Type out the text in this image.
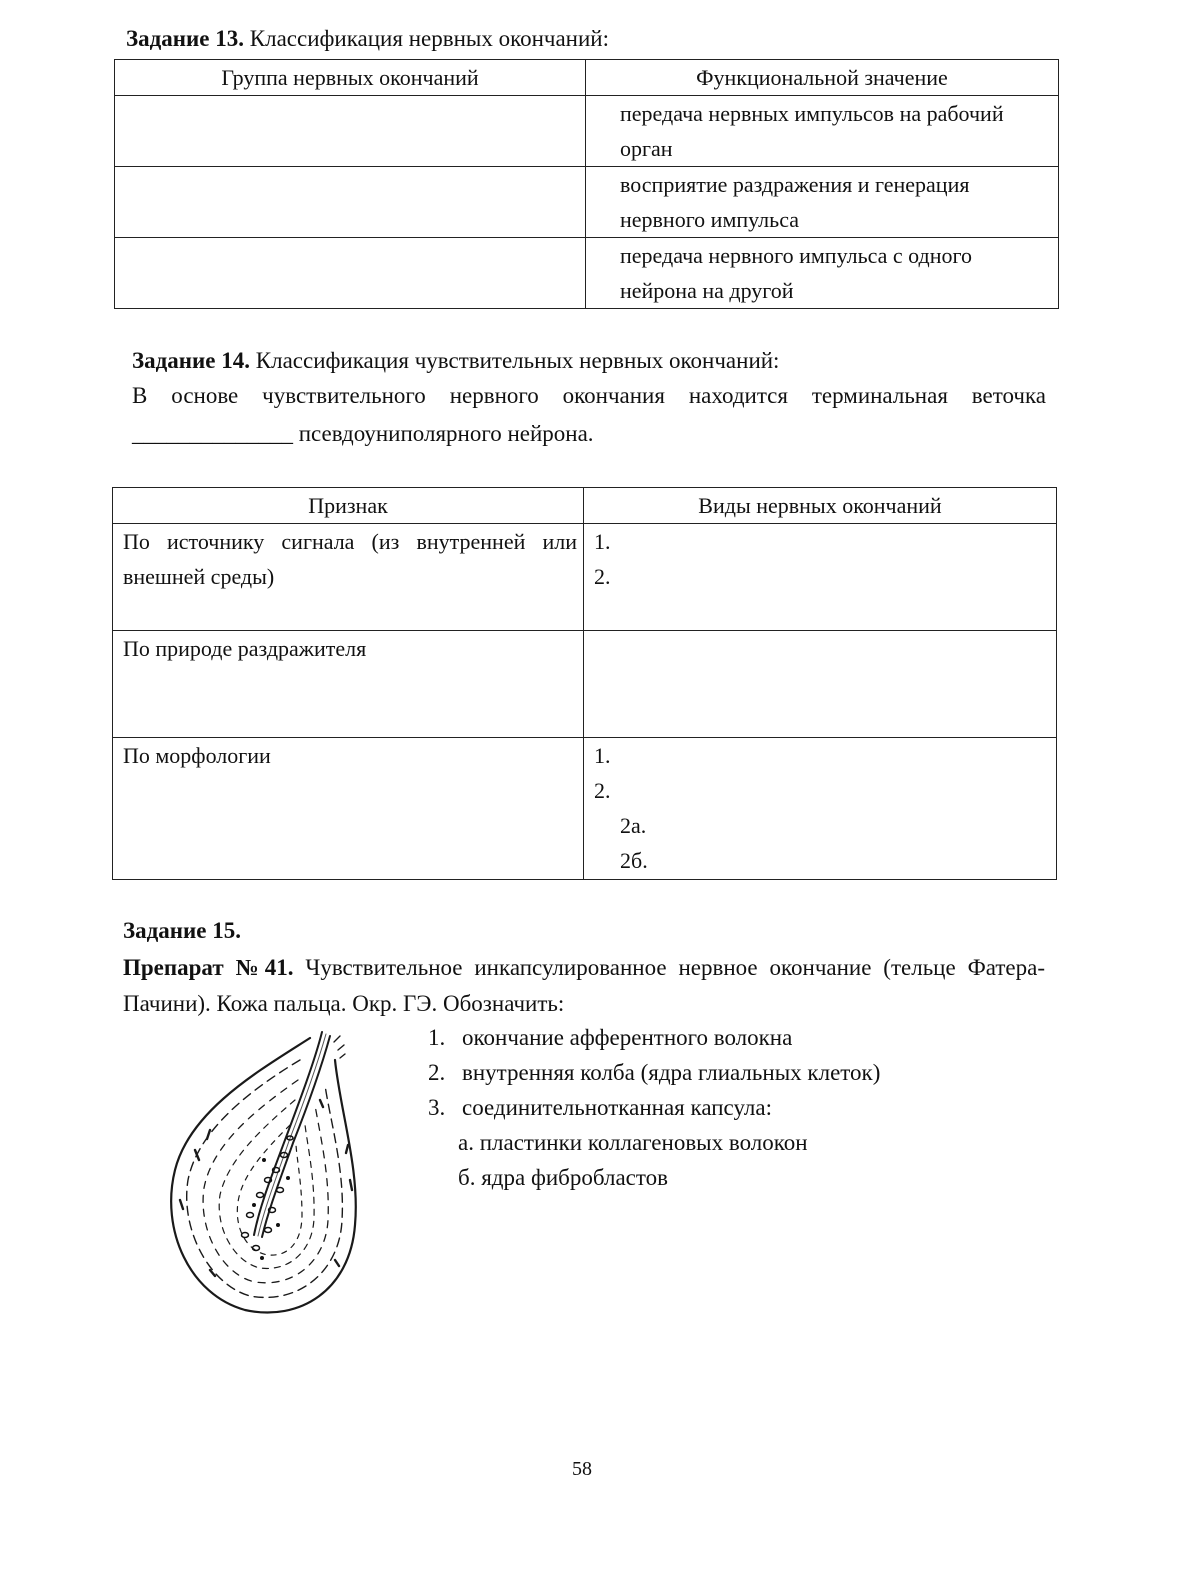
Задание 13. Классификация нервных окончаний:
Группа нервных окончаний	Функциональной значение
	передача нервных импульсов на рабочий орган
	восприятие раздражения и генерация нервного импульса
	передача нервного импульса с одного нейрона на другой
Задание 14. Классификация чувствительных нервных окончаний:
В основе чувствительного нервного окончания находится терминальная веточка
______________ псевдоуниполярного нейрона.
Признак	Виды нервных окончаний
По источнику сигнала (из внутренней или внешней среды)	1.
2.

По природе раздражителя	
По морфологии	1.
2.
2а.
2б.
Задание 15.
Препарат №41. Чувствительное инкапсулированное нервное окончание (тельце Фатера-Пачини). Кожа пальца. Окр. ГЭ. Обозначить:
1. окончание афферентного волокна
2. внутренняя колба (ядра глиальных клеток)
3. соединительнотканная капсула:
а. пластинки коллагеновых волокон
б. ядра фибробластов
58
